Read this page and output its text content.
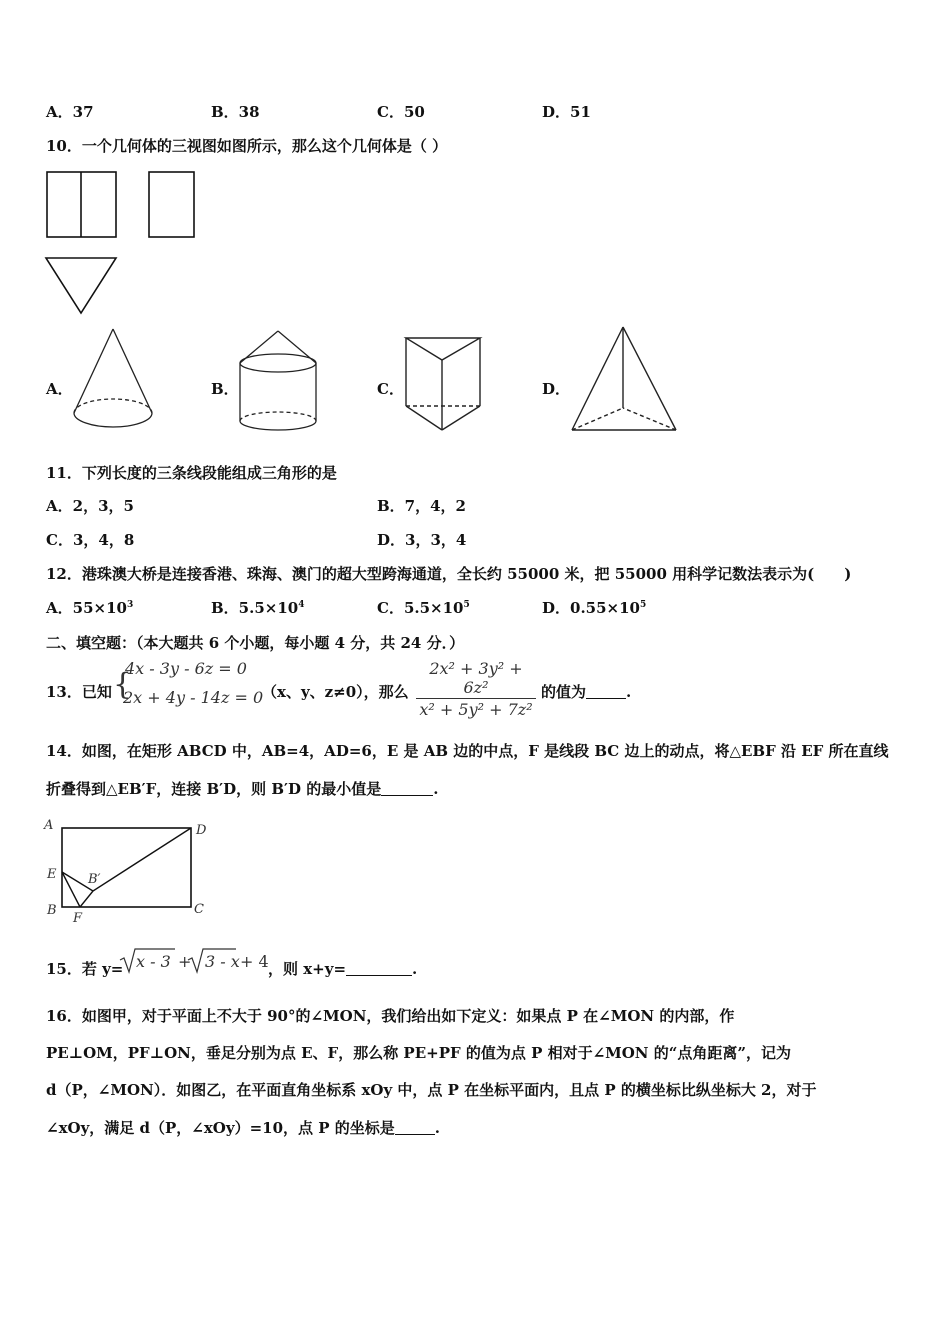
A．37	B．38	C．50	D．51
10．一个几何体的三视图如图所示，那么这个几何体是（ ）
A．	B．	C．	D．
11．下列长度的三条线段能组成三角形的是
A．2，3，5	B．7，4，2
C．3，4，8	D．3，3，4
12．港珠澳大桥是连接香港、珠海、澳门的超大型跨海通道，全长约 55000 米，把 55000 用科学记数法表示为(　　)
A．$55\times 10^3$	B．$5.5\times 10^4$	C．$5.5\times 10^5$	D．$0.55\times 10^5$
二、填空题：（本大题共 6 个小题，每小题 4 分，共 24 分．）
13．已知 {
4x - 3y - 6z = 0
2x + 4y - 14z = 0
（x、y、z≠0），那么
2x² + 3y² + 6z²
x² + 5y² + 7z²
的值为	.
14．如图，在矩形 ABCD 中，AB=4，AD=6，E 是 AB 边的中点，F 是线段 BC 边上的动点，将△EBF 沿 EF 所在直线
折叠得到△EB′F，连接 B′D，则 B′D 的最小值是	.
A	D
E B′
B
F
C
15．若 y= x - 3 + 3 - x + 4 ，则 x+y=	.
16．如图甲，对于平面上不大于 90°的∠MON，我们给出如下定义：如果点 P 在∠MON 的内部，作
PE⊥OM，PF⊥ON，垂足分别为点 E、F，那么称 PE+PF 的值为点 P 相对于∠MON 的“点角距离”，记为
d（P，∠MON）．如图乙，在平面直角坐标系 xOy 中，点 P 在坐标平面内，且点 P 的横坐标比纵坐标大 2，对于
∠xOy，满足 d（P，∠xOy）=10，点 P 的坐标是	.
